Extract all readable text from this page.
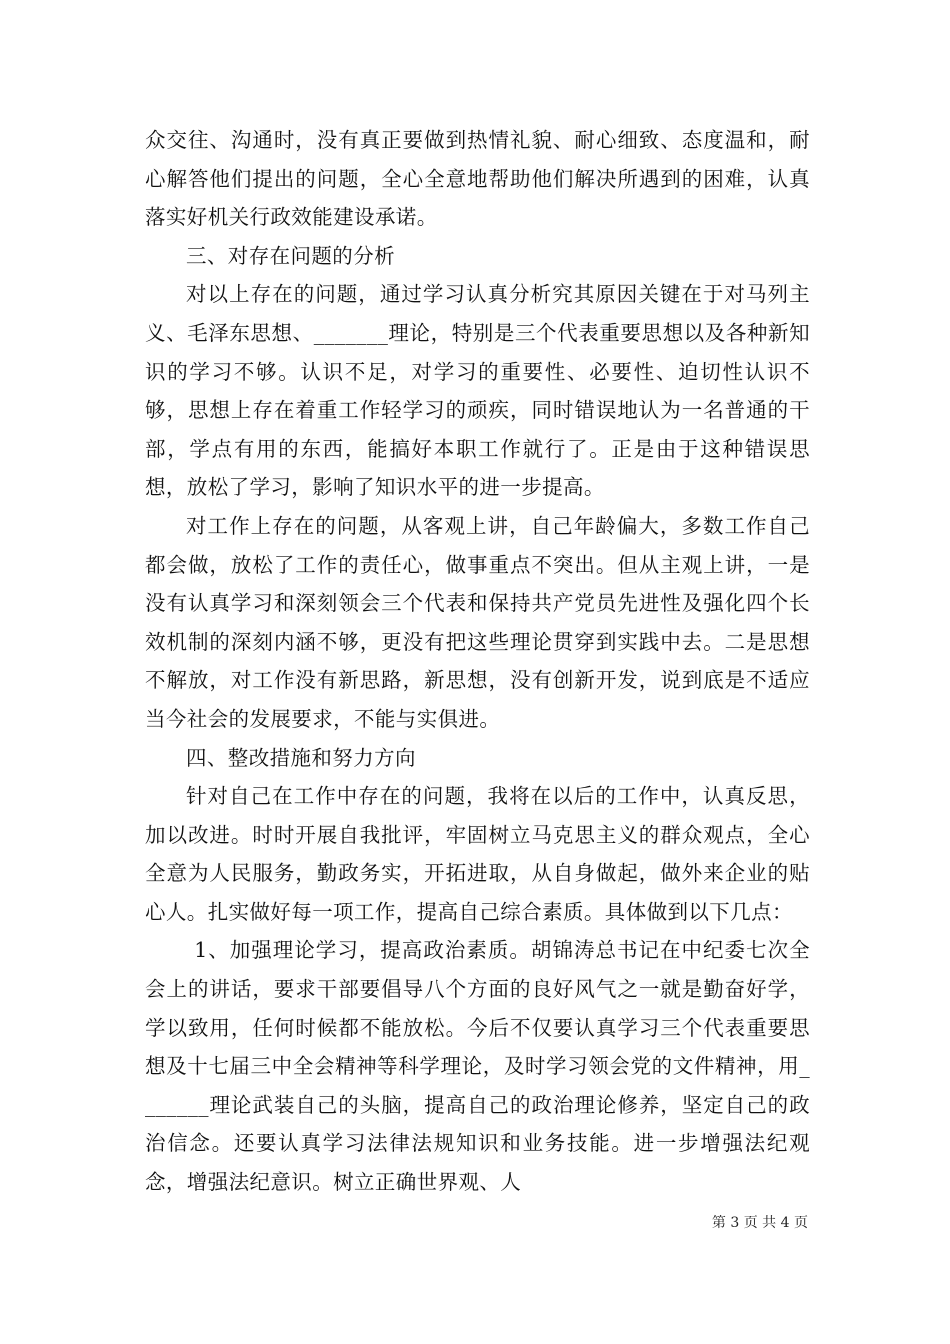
众交往、沟通时，没有真正要做到热情礼貌、耐心细致、态度温和，耐心解答他们提出的问题，全心全意地帮助他们解决所遇到的困难，认真落实好机关行政效能建设承诺。

三、对存在问题的分析

对以上存在的问题，通过学习认真分析究其原因关键在于对马列主义、毛泽东思想、_______理论，特别是三个代表重要思想以及各种新知识的学习不够。认识不足，对学习的重要性、必要性、迫切性认识不够，思想上存在着重工作轻学习的顽疾，同时错误地认为一名普通的干部，学点有用的东西，能搞好本职工作就行了。正是由于这种错误思想，放松了学习，影响了知识水平的进一步提高。

对工作上存在的问题，从客观上讲，自己年龄偏大，多数工作自己都会做，放松了工作的责任心，做事重点不突出。但从主观上讲，一是没有认真学习和深刻领会三个代表和保持共产党员先进性及强化四个长效机制的深刻内涵不够，更没有把这些理论贯穿到实践中去。二是思想不解放，对工作没有新思路，新思想，没有创新开发，说到底是不适应当今社会的发展要求，不能与实俱进。

四、整改措施和努力方向

针对自己在工作中存在的问题，我将在以后的工作中，认真反思，加以改进。时时开展自我批评，牢固树立马克思主义的群众观点，全心全意为人民服务，勤政务实，开拓进取，从自身做起，做外来企业的贴心人。扎实做好每一项工作，提高自己综合素质。具体做到以下几点：

1、加强理论学习，提高政治素质。胡锦涛总书记在中纪委七次全会上的讲话，要求干部要倡导八个方面的良好风气之一就是勤奋好学，学以致用，任何时候都不能放松。今后不仅要认真学习三个代表重要思想及十七届三中全会精神等科学理论，及时学习领会党的文件精神，用_______理论武装自己的头脑，提高自己的政治理论修养，坚定自己的政治信念。还要认真学习法律法规知识和业务技能。进一步增强法纪观念，增强法纪意识。树立正确世界观、人

第 3 页 共 4 页
